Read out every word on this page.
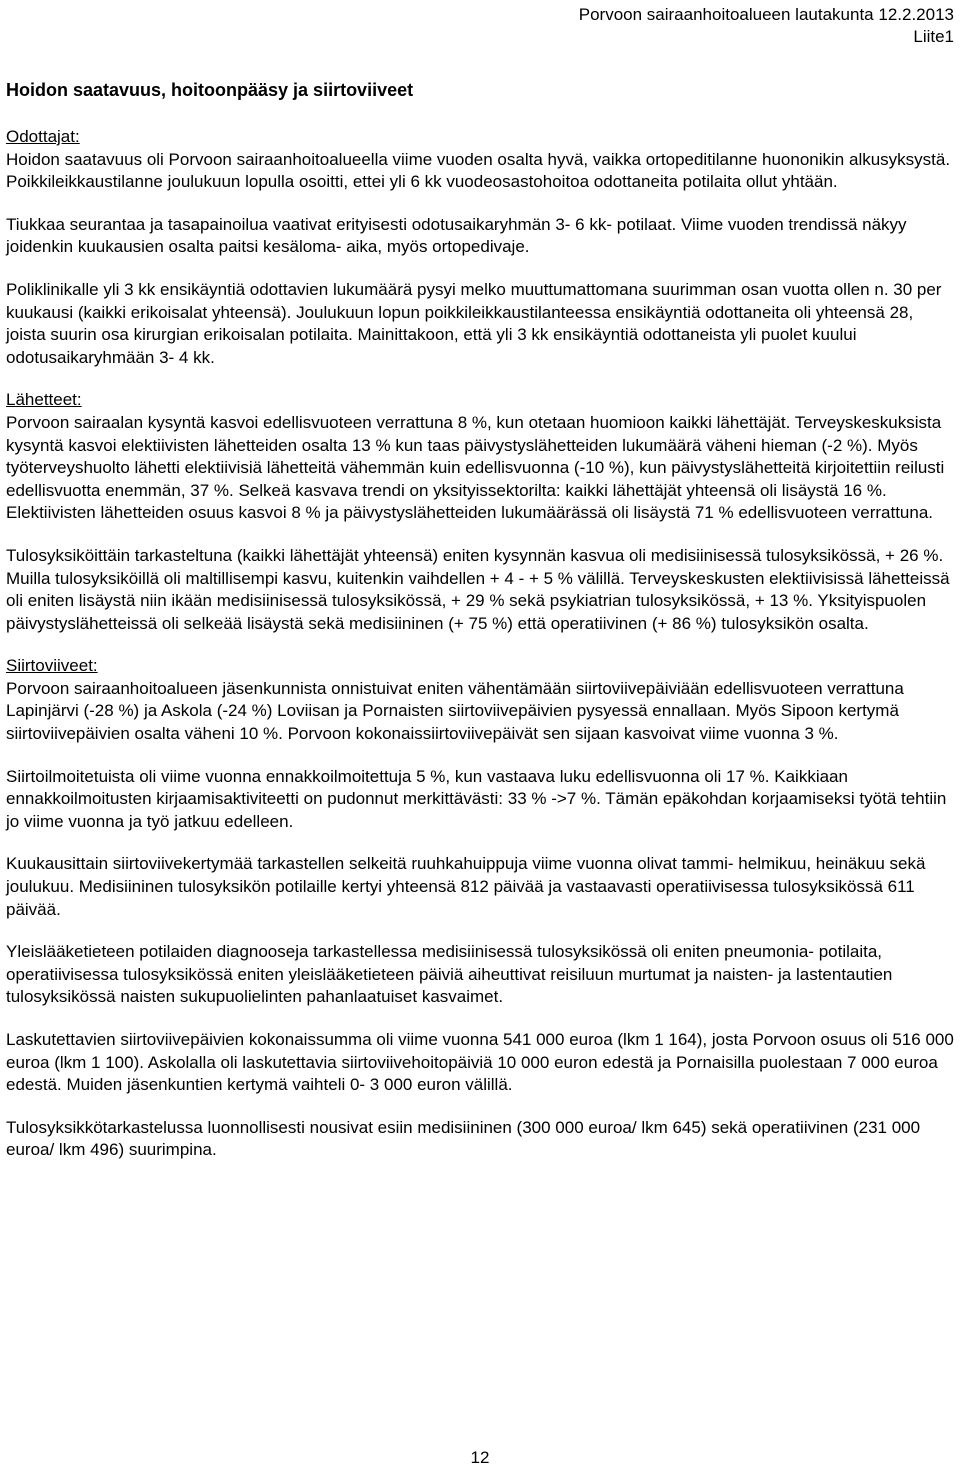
Porvoon sairaanhoitoalueen lautakunta 12.2.2013
Liite1
Hoidon saatavuus, hoitoonpääsy ja siirtoviiveet
Odottajat:

Hoidon saatavuus oli Porvoon sairaanhoitoalueella viime vuoden osalta hyvä, vaikka ortopeditilanne huononikin alkusyksystä. Poikkileikkaustilanne joulukuun lopulla osoitti, ettei yli 6 kk vuodeosastohoitoa odottaneita potilaita ollut yhtään.

Tiukkaa seurantaa ja tasapainoilua vaativat erityisesti odotusaikaryhmän 3- 6 kk- potilaat. Viime vuoden trendissä näkyy joidenkin kuukausien osalta paitsi kesäloma- aika, myös ortopedivaje.

Poliklinikalle yli 3 kk ensikäyntiä odottavien lukumäärä pysyi melko muuttumattomana suurimman osan vuotta ollen n. 30 per kuukausi (kaikki erikoisalat yhteensä). Joulukuun lopun poikkileikkaustilanteessa ensikäyntiä odottaneita oli yhteensä 28, joista suurin osa kirurgian erikoisalan potilaita. Mainittakoon, että yli 3 kk ensikäyntiä odottaneista yli puolet kuului odotusaikaryhmään 3- 4 kk.

Lähetteet:

Porvoon sairaalan kysyntä kasvoi edellisvuoteen verrattuna 8 %, kun otetaan huomioon kaikki lähettäjät. Terveyskeskuksista kysyntä kasvoi elektiivisten lähetteiden osalta 13 % kun taas päivystyslähetteiden lukumäärä väheni hieman (-2 %). Myös työterveyshuolto lähetti elektiivisiä lähetteitä vähemmän kuin edellisvuonna (-10 %), kun päivystyslähetteitä kirjoitettiin reilusti edellisvuotta enemmän, 37 %. Selkeä kasvava trendi on yksityissektorilta: kaikki lähettäjät yhteensä oli lisäystä 16 %. Elektiivisten lähetteiden osuus kasvoi 8 % ja päivystyslähetteiden lukumäärässä oli lisäystä 71 % edellisvuoteen verrattuna.

Tulosyksiköittäin tarkasteltuna (kaikki lähettäjät yhteensä) eniten kysynnän kasvua oli medisiinisessä tulosyksikössä, + 26 %. Muilla tulosyksiköillä oli maltillisempi kasvu, kuitenkin vaihdellen + 4 - + 5 % välillä. Terveyskeskusten elektiivisissä lähetteissä oli eniten lisäystä niin ikään medisiinisessä tulosyksikössä, + 29 % sekä psykiatrian tulosyksikössä, + 13 %. Yksityispuolen päivystyslähetteissä oli selkeää lisäystä sekä medisiininen (+ 75 %) että operatiivinen (+ 86 %) tulosyksikön osalta.

Siirtoviiveet:

Porvoon sairaanhoitoalueen jäsenkunnista onnistuivat eniten vähentämään siirtoviivepäiviään edellisvuoteen verrattuna Lapinjärvi (-28 %) ja Askola (-24 %) Loviisan ja Pornaisten siirtoviivepäivien pysyessä ennallaan. Myös Sipoon kertymä siirtoviivepäivien osalta väheni 10 %. Porvoon kokonaissiirtoviivepäivät sen sijaan kasvoivat viime vuonna 3 %.

Siirtoilmoitetuista oli viime vuonna ennakkoilmoitettuja 5 %, kun vastaava luku edellisvuonna oli 17 %. Kaikkiaan ennakkoilmoitusten kirjaamisaktiviteetti on pudonnut merkittävästi: 33 % ->7 %. Tämän epäkohdan korjaamiseksi työtä tehtiin jo viime vuonna ja työ jatkuu edelleen.

Kuukausittain siirtoviivekertymää tarkastellen selkeitä ruuhkahuippuja viime vuonna olivat tammi- helmikuu, heinäkuu sekä joulukuu. Medisiininen tulosyksikön potilaille kertyi yhteensä 812 päivää ja vastaavasti operatiivisessa tulosyksikössä 611 päivää.

Yleislääketieteen potilaiden diagnooseja tarkastellessa medisiinisessä tulosyksikössä oli eniten pneumonia- potilaita, operatiivisessa tulosyksikössä eniten yleislääketieteen päiviä aiheuttivat reisiluun murtumat ja naisten- ja lastentautien tulosyksikössä naisten sukupuolielinten pahanlaatuiset kasvaimet.

Laskutettavien siirtoviivepäivien kokonaissumma oli viime vuonna 541 000 euroa (lkm 1 164), josta Porvoon osuus oli 516 000 euroa (lkm 1 100). Askolalla oli laskutettavia siirtoviivehoitopäiviä 10 000 euron edestä ja Pornaisilla puolestaan 7 000 euroa edestä. Muiden jäsenkuntien kertymä vaihteli 0- 3 000 euron välillä.

Tulosyksikkötarkastelussa luonnollisesti nousivat esiin medisiininen (300 000 euroa/ lkm 645) sekä operatiivinen (231 000 euroa/ lkm 496) suurimpina.

12
